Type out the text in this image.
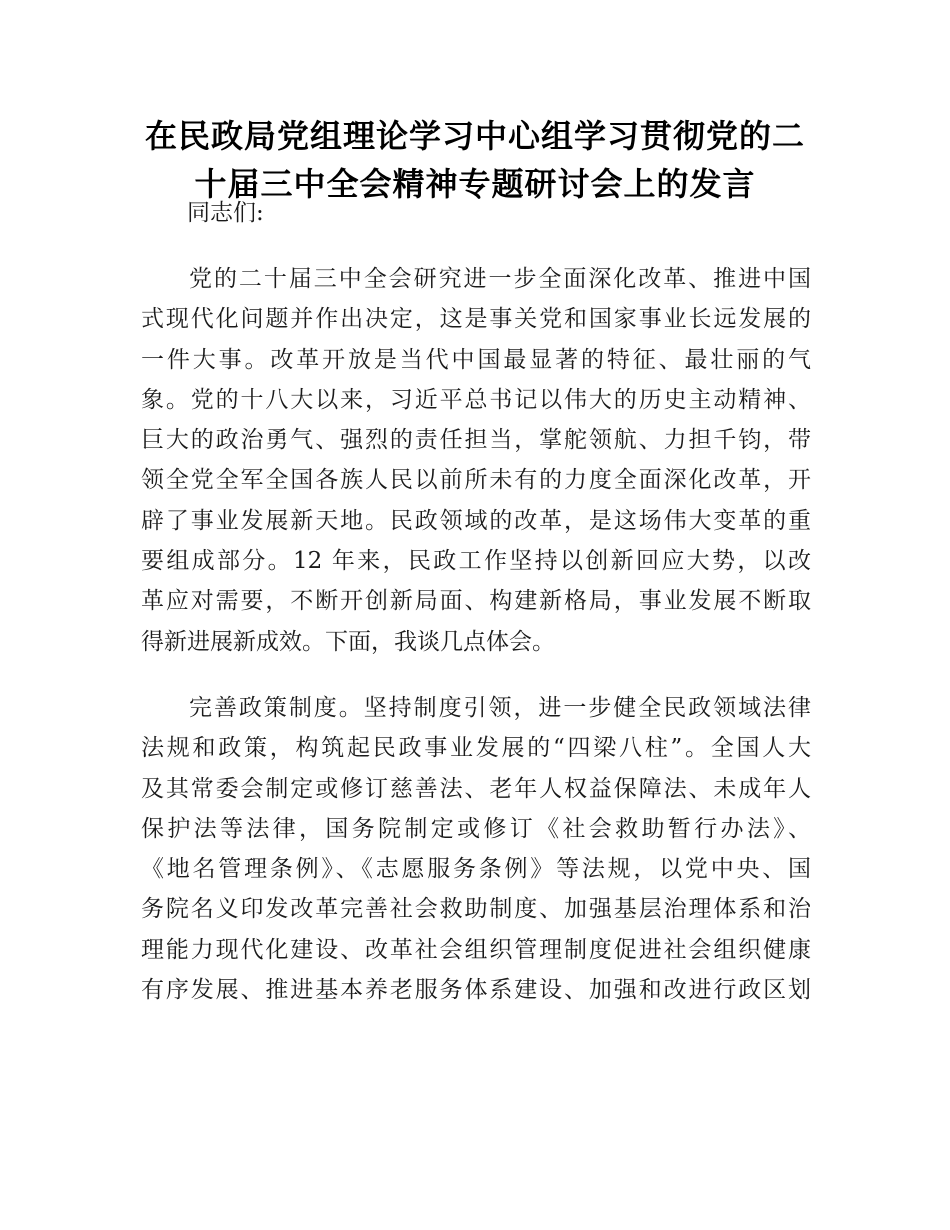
在民政局党组理论学习中心组学习贯彻党的二
十届三中全会精神专题研讨会上的发言

同志们:

党的二十届三中全会研究进一步全面深化改革、推进中国
式现代化问题并作出决定，这是事关党和国家事业长远发展的
一件大事。改革开放是当代中国最显著的特征、最壮丽的气
象。党的十八大以来，习近平总书记以伟大的历史主动精神、
巨大的政治勇气、强烈的责任担当，掌舵领航、力担千钧，带
领全党全军全国各族人民以前所未有的力度全面深化改革，开
辟了事业发展新天地。民政领域的改革，是这场伟大变革的重
要组成部分。12 年来，民政工作坚持以创新回应大势，以改
革应对需要，不断开创新局面、构建新格局，事业发展不断取
得新进展新成效。下面，我谈几点体会。

完善政策制度。坚持制度引领，进一步健全民政领域法律
法规和政策，构筑起民政事业发展的“四梁八柱”。全国人大
及其常委会制定或修订慈善法、老年人权益保障法、未成年人
保护法等法律，国务院制定或修订《社会救助暂行办法》、
《地名管理条例》、《志愿服务条例》等法规，以党中央、国
务院名义印发改革完善社会救助制度、加强基层治理体系和治
理能力现代化建设、改革社会组织管理制度促进社会组织健康
有序发展、推进基本养老服务体系建设、加强和改进行政区划
